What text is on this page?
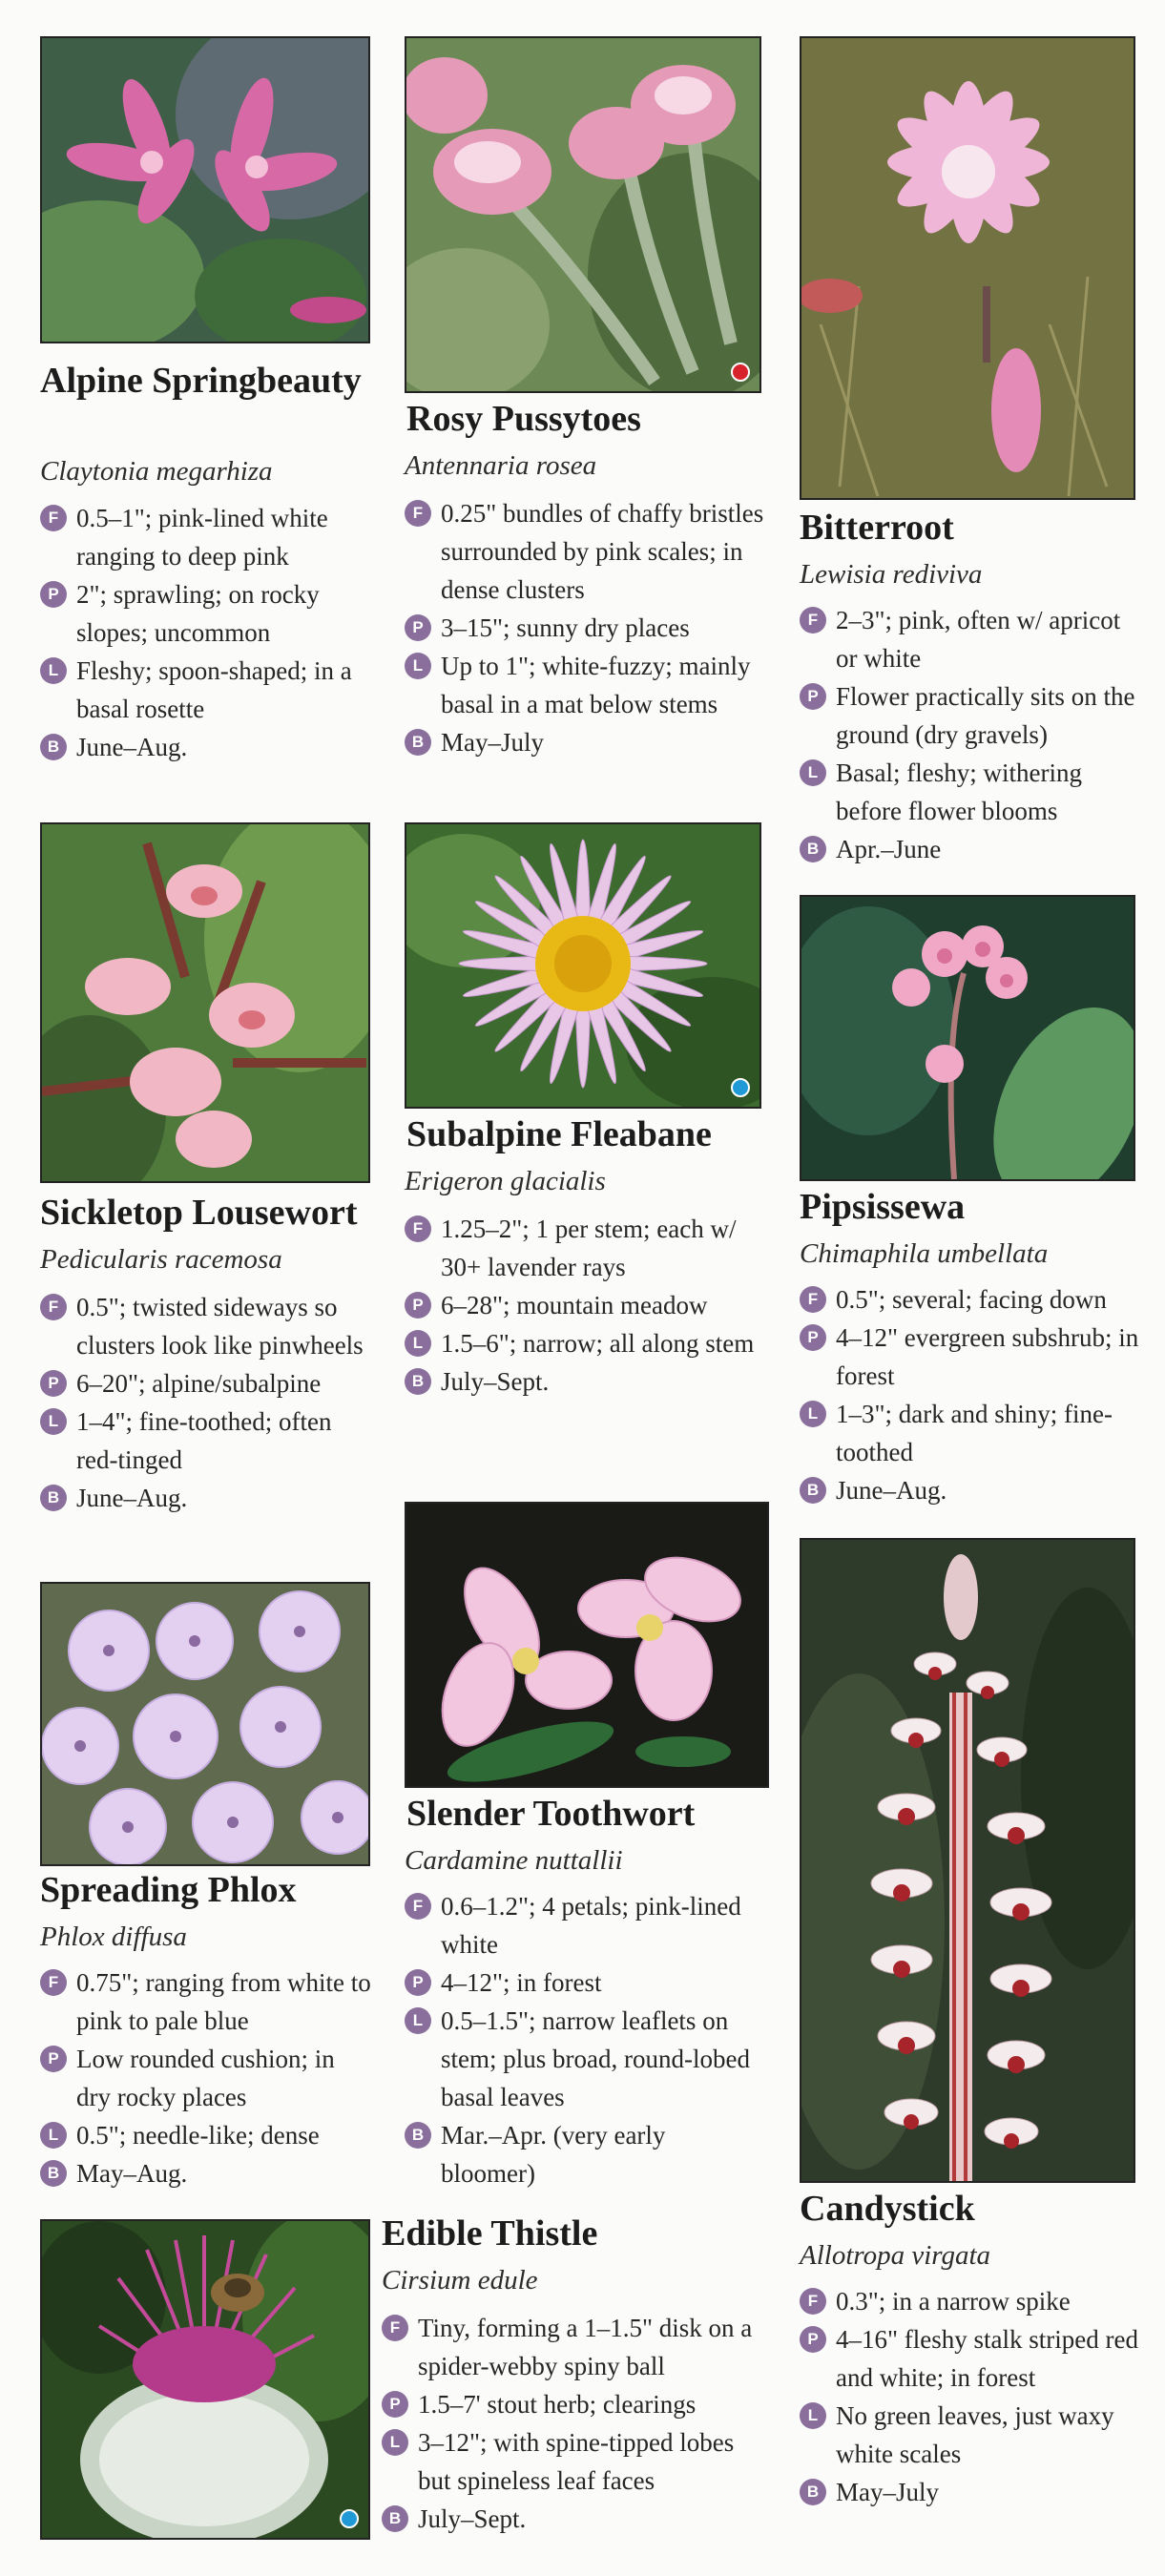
Alpine Springbeauty
Claytonia megarhiza
F 0.5–1"; pink-lined white ranging to deep pink
P 2"; sprawling; on rocky slopes; uncommon
L Fleshy; spoon-shaped; in a basal rosette
B June–Aug.
Rosy Pussytoes
Antennaria rosea
F 0.25" bundles of chaffy bristles surrounded by pink scales; in dense clusters
P 3–15"; sunny dry places
L Up to 1"; white-fuzzy; mainly basal in a mat below stems
B May–July
Bitterroot
Lewisia rediviva
F 2–3"; pink, often w/ apricot or white
P Flower practically sits on the ground (dry gravels)
L Basal; fleshy; withering before flower blooms
B Apr.–June
Sickletop Lousewort
Pedicularis racemosa
F 0.5"; twisted sideways so clusters look like pinwheels
P 6–20"; alpine/subalpine
L 1–4"; fine-toothed; often red-tinged
B June–Aug.
Subalpine Fleabane
Erigeron glacialis
F 1.25–2"; 1 per stem; each w/ 30+ lavender rays
P 6–28"; mountain meadow
L 1.5–6"; narrow; all along stem
B July–Sept.
Pipsissewa
Chimaphila umbellata
F 0.5"; several; facing down
P 4–12" evergreen subshrub; in forest
L 1–3"; dark and shiny; fine-toothed
B June–Aug.
Spreading Phlox
Phlox diffusa
F 0.75"; ranging from white to pink to pale blue
P Low rounded cushion; in dry rocky places
L 0.5"; needle-like; dense
B May–Aug.
Slender Toothwort
Cardamine nuttallii
F 0.6–1.2"; 4 petals; pink-lined white
P 4–12"; in forest
L 0.5–1.5"; narrow leaflets on stem; plus broad, round-lobed basal leaves
B Mar.–Apr. (very early bloomer)
Candystick
Allotropa virgata
F 0.3"; in a narrow spike
P 4–16" fleshy stalk striped red and white; in forest
L No green leaves, just waxy white scales
B May–July
Edible Thistle
Cirsium edule
F Tiny, forming a 1–1.5" disk on a spider-webby spiny ball
P 1.5–7' stout herb; clearings
L 3–12"; with spine-tipped lobes but spineless leaf faces
B July–Sept.
